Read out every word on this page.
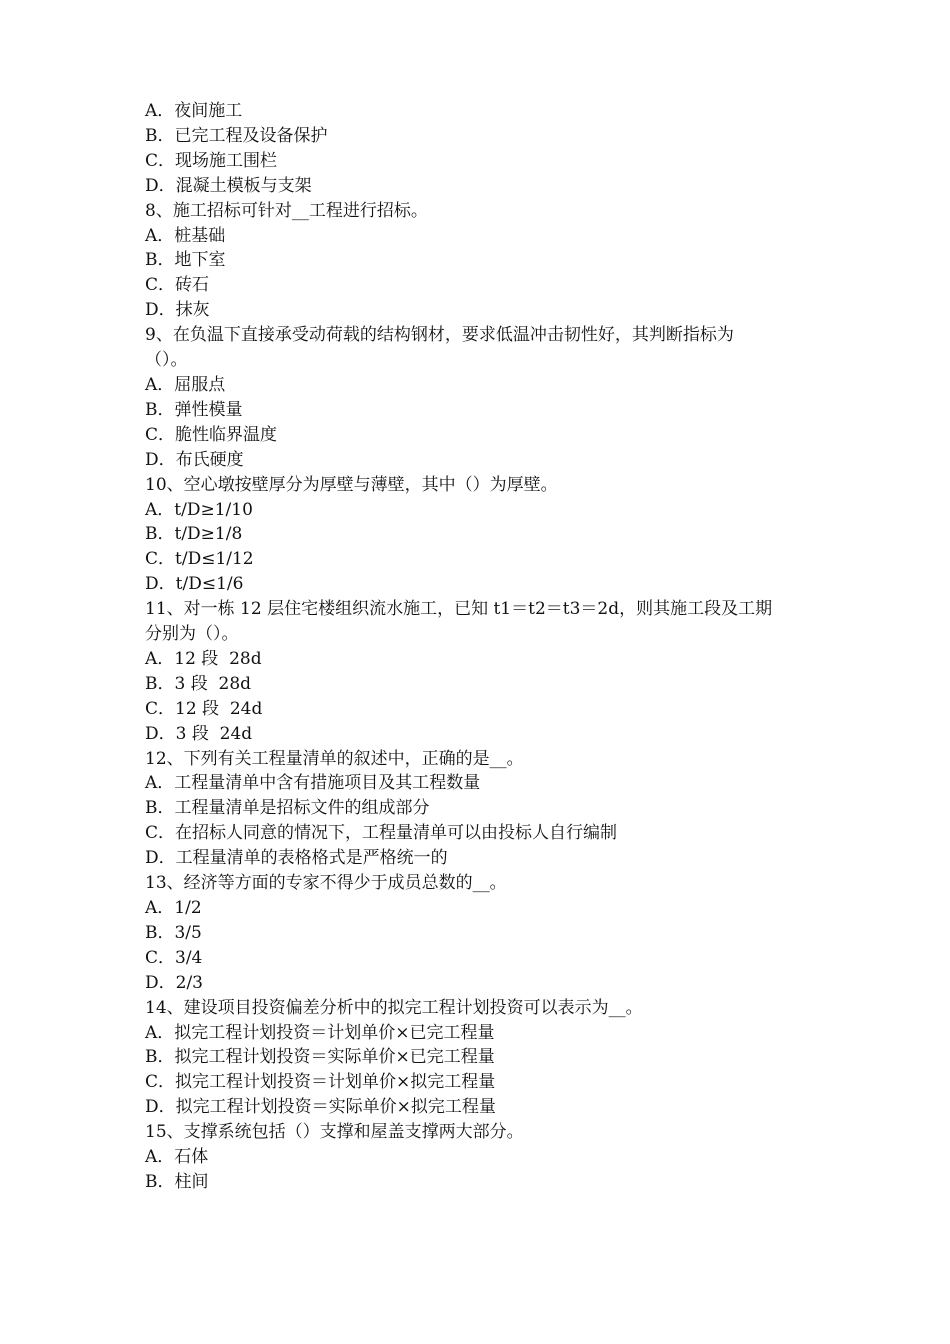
A．夜间施工
B．已完工程及设备保护
C．现场施工围栏
D．混凝土模板与支架
8、施工招标可针对__工程进行招标。
A．桩基础
B．地下室
C．砖石
D．抹灰
9、在负温下直接承受动荷载的结构钢材，要求低温冲击韧性好，其判断指标为
（）。
A．屈服点
B．弹性模量
C．脆性临界温度
D．布氏硬度
10、空心墩按壁厚分为厚壁与薄壁，其中（）为厚壁。
A．t/D≥1/10
B．t/D≥1/8
C．t/D≤1/12
D．t/D≤1/6
11、对一栋 12 层住宅楼组织流水施工，已知 t1＝t2＝t3＝2d，则其施工段及工期
分别为（）。
A．12 段  28d
B．3 段  28d
C．12 段  24d
D．3 段  24d
12、下列有关工程量清单的叙述中，正确的是__。
A．工程量清单中含有措施项目及其工程数量
B．工程量清单是招标文件的组成部分
C．在招标人同意的情况下，工程量清单可以由投标人自行编制
D．工程量清单的表格格式是严格统一的
13、经济等方面的专家不得少于成员总数的__。
A．1/2
B．3/5
C．3/4
D．2/3
14、建设项目投资偏差分析中的拟完工程计划投资可以表示为__。
A．拟完工程计划投资＝计划单价×已完工程量
B．拟完工程计划投资＝实际单价×已完工程量
C．拟完工程计划投资＝计划单价×拟完工程量
D．拟完工程计划投资＝实际单价×拟完工程量
15、支撑系统包括（）支撑和屋盖支撑两大部分。
A．石体
B．柱间
